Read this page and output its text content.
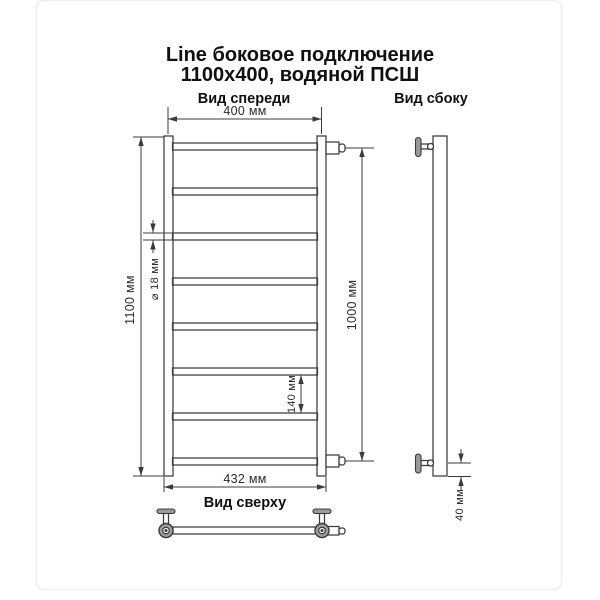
Line боковое подключение
1100x400, водяной ПСШ
Вид спереди
400 мм
1100 мм ⌀ 18 мм
140 мм
1000 мм
432 мм
Вид сбоку
40 мм
Вид сверху
